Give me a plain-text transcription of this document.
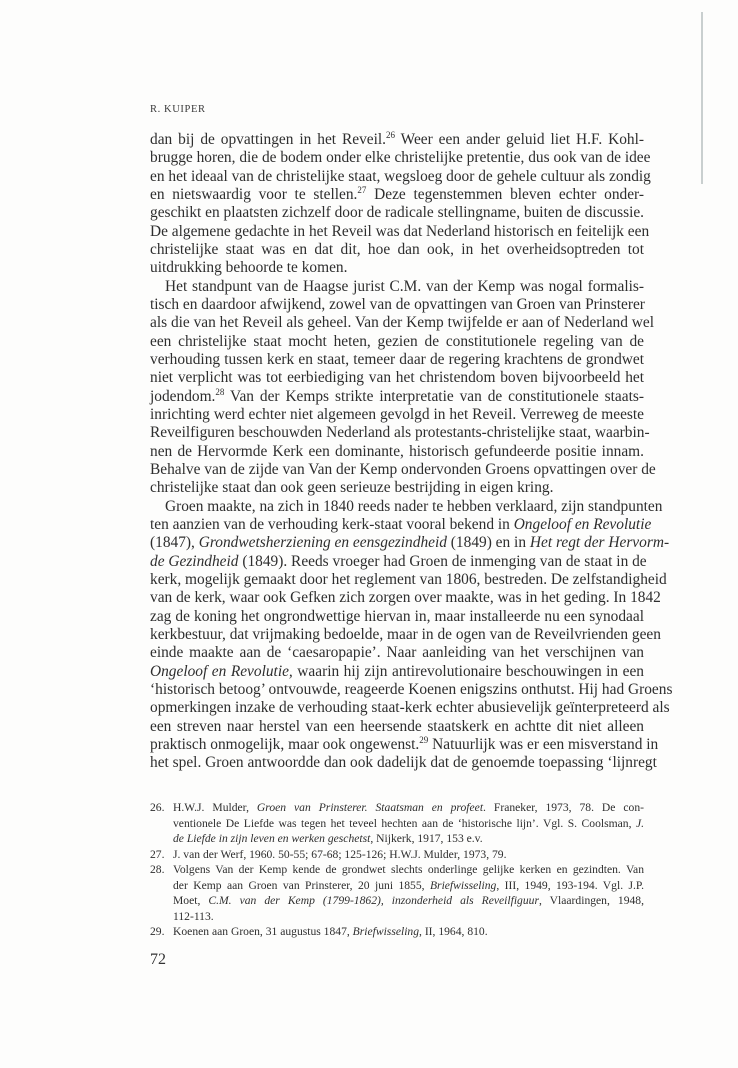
R. KUIPER
dan bij de opvattingen in het Reveil.$^{26}$ Weer een ander geluid liet H.F. Kohl-
brugge horen, die de bodem onder elke christelijke pretentie, dus ook van de idee
en het ideaal van de christelijke staat, wegsloeg door de gehele cultuur als zondig
en nietswaardig voor te stellen.$^{27}$ Deze tegenstemmen bleven echter onder-
geschikt en plaatsten zichzelf door de radicale stellingname, buiten de discussie.
De algemene gedachte in het Reveil was dat Nederland historisch en feitelijk een
christelijke staat was en dat dit, hoe dan ook, in het overheidsoptreden tot
uitdrukking behoorde te komen.
Het standpunt van de Haagse jurist C.M. van der Kemp was nogal formalis-
tisch en daardoor afwijkend, zowel van de opvattingen van Groen van Prinsterer
als die van het Reveil als geheel. Van der Kemp twijfelde er aan of Nederland wel
een christelijke staat mocht heten, gezien de constitutionele regeling van de
verhouding tussen kerk en staat, temeer daar de regering krachtens de grondwet
niet verplicht was tot eerbiediging van het christendom boven bijvoorbeeld het
jodendom.$^{28}$ Van der Kemps strikte interpretatie van de constitutionele staats-
inrichting werd echter niet algemeen gevolgd in het Reveil. Verreweg de meeste
Reveilfiguren beschouwden Nederland als protestants-christelijke staat, waarbin-
nen de Hervormde Kerk een dominante, historisch gefundeerde positie innam.
Behalve van de zijde van Van der Kemp ondervonden Groens opvattingen over de
christelijke staat dan ook geen serieuze bestrijding in eigen kring.
Groen maakte, na zich in 1840 reeds nader te hebben verklaard, zijn standpunten
ten aanzien van de verhouding kerk-staat vooral bekend in Ongeloof en Revolutie
(1847), Grondwetsherziening en eensgezindheid (1849) en in Het regt der Hervorm-
de Gezindheid (1849). Reeds vroeger had Groen de inmenging van de staat in de
kerk, mogelijk gemaakt door het reglement van 1806, bestreden. De zelfstandigheid
van de kerk, waar ook Gefken zich zorgen over maakte, was in het geding. In 1842
zag de koning het ongrondwettige hiervan in, maar installeerde nu een synodaal
kerkbestuur, dat vrijmaking bedoelde, maar in de ogen van de Reveilvrienden geen
einde maakte aan de ‘caesaropapie’. Naar aanleiding van het verschijnen van
Ongeloof en Revolutie, waarin hij zijn antirevolutionaire beschouwingen in een
‘historisch betoog’ ontvouwde, reageerde Koenen enigszins onthutst. Hij had Groens
opmerkingen inzake de verhouding staat-kerk echter abusievelijk geïnterpreteerd als
een streven naar herstel van een heersende staatskerk en achtte dit niet alleen
praktisch onmogelijk, maar ook ongewenst.$^{29}$ Natuurlijk was er een misverstand in
het spel. Groen antwoordde dan ook dadelijk dat de genoemde toepassing ‘lijnregt
26. H.W.J. Mulder, Groen van Prinsterer. Staatsman en profeet. Franeker, 1973, 78. De con-
ventionele De Liefde was tegen het teveel hechten aan de ‘historische lijn’. Vgl. S. Coolsman, J.
de Liefde in zijn leven en werken geschetst, Nijkerk, 1917, 153 e.v.
27. J. van der Werf, 1960. 50-55; 67-68; 125-126; H.W.J. Mulder, 1973, 79.
28. Volgens Van der Kemp kende de grondwet slechts onderlinge gelijke kerken en gezindten. Van
der Kemp aan Groen van Prinsterer, 20 juni 1855, Briefwisseling, III, 1949, 193-194. Vgl. J.P.
Moet, C.M. van der Kemp (1799-1862), inzonderheid als Reveilfiguur, Vlaardingen, 1948,
112-113.
29. Koenen aan Groen, 31 augustus 1847, Briefwisseling, II, 1964, 810.
72
